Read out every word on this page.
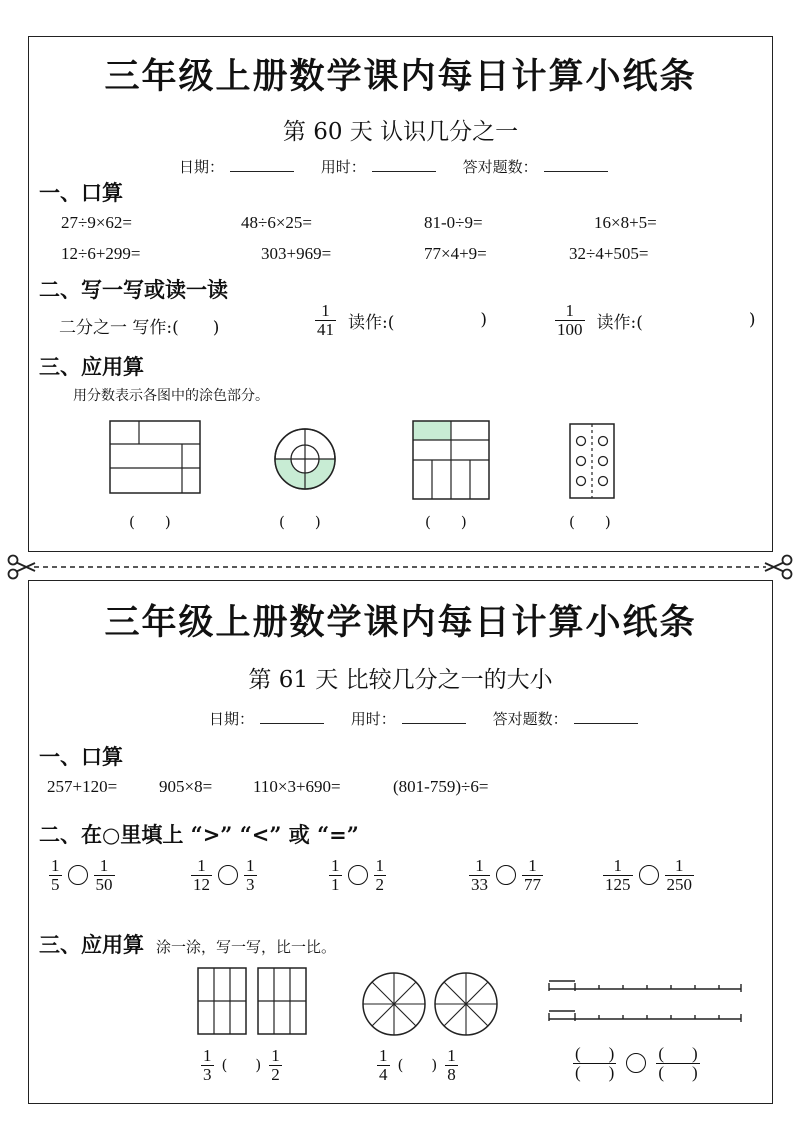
三年级上册数学课内每日计算小纸条
第 60 天 认识几分之一
日期：	用时：	答对题数：
一、口算
27÷9×62=	48÷6×25=	81-0÷9=	16×8+5=
12÷6+299=	303+969=	77×4+9=	32÷4+505=
二、写一写或读一读
二分之一 写作:(　　)	$\frac{1}{41}$ 读作:(	)	$\frac{1}{100}$ 读作:(	)
三、应用算
用分数表示各图中的涂色部分。
(　　)	(　　)	(　　)	(　　)
三年级上册数学课内每日计算小纸条
第 61 天 比较几分之一的大小
日期：	用时：	答对题数：
一、口算
257+120= 905×8= 110×3+690=	(801-759)÷6=
二、在○里填上 “>” “<” 或 “=”
$\frac{1}{5} \frac{1}{50}$	$\frac{1}{12} \frac{1}{3}$	$\frac{1}{1} \frac{1}{2}$	$\frac{1}{33} \frac{1}{77}$	$\frac{1}{125} \frac{1}{250}$
三、应用算 涂一涂，写一写，比一比。
$\frac{1}{3}$ ( ) $\frac{1}{2}$	$\frac{1}{4}$ ( ) $\frac{1}{8}$	$\frac{( )}{( )} \frac{( )}{( )}$
